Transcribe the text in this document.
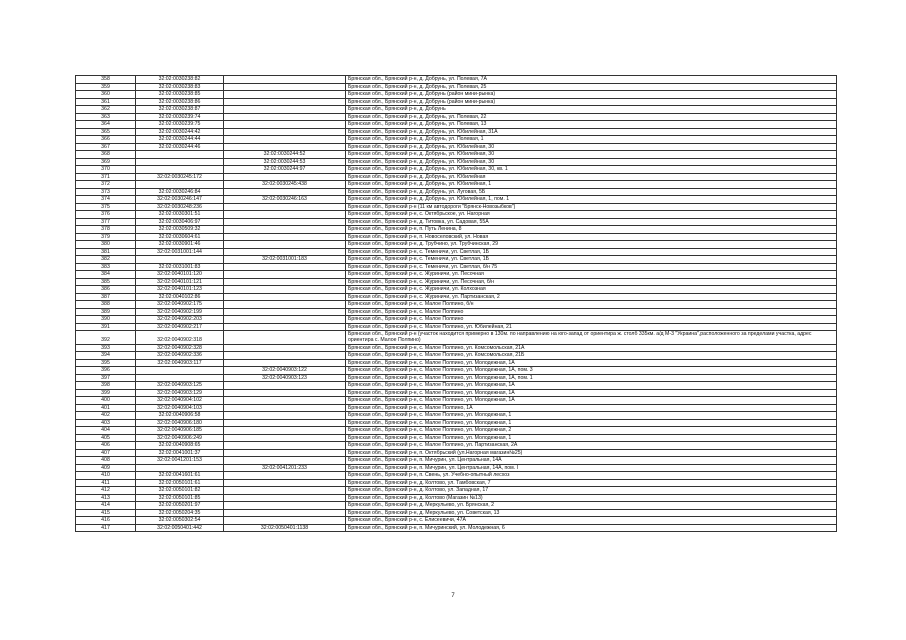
358	32:02:0030238:82		Брянская обл., Брянский р-н, д. Добрунь, ул. Полевая, 7А
359	32:02:0030238:83		Брянская обл., Брянский р-н, д. Добрунь, ул. Полевая, 25
360	32:02:0030238:85		Брянская обл., Брянский р-н, д. Добрунь (район мини-рынка)
361	32:02:0030238:86		Брянская обл., Брянский р-н, д. Добрунь (район мини-рынка)
362	32:02:0030238:87		Брянская обл., Брянский р-н, д. Добрунь
363	32:02:0030239:74		Брянская обл., Брянский р-н, д. Добрунь, ул. Полевая, 22
364	32:02:0030239:75		Брянская обл., Брянский р-н, д. Добрунь, ул. Полевая, 13
365	32:02:0030244:42		Брянская обл., Брянский р-н, д. Добрунь, ул. Юбилейная, 31А
366	32:02:0030244:44		Брянская обл., Брянский р-н, д. Добрунь, ул. Полевая, 1
367	32:02:0030244:46		Брянская обл., Брянский р-н, д. Добрунь, ул. Юбилейная, 30
368		32:02:0030244:52	Брянская обл., Брянский р-н, д. Добрунь, ул. Юбилейная, 30
369		32:02:0030244:53	Брянская обл., Брянский р-н, д. Добрунь, ул. Юбилейная, 30
370		32:02:0030244:97	Брянская обл., Брянский р-н, д. Добрунь, ул. Юбилейная, 30, кв. 1
371	32:02:0030245:172		Брянская обл., Брянский р-н, д. Добрунь, ул. Юбилейная
372		32:02:0030245:438	Брянская обл., Брянский р-н, д. Добрунь, ул. Юбилейная, 1
373	32:02:0030246:84		Брянская обл., Брянский р-н, д. Добрунь, ул. Луговая, 5Б
374	32:02:0030246:147	32:02:0030246:163	Брянская обл., Брянский р-н, д. Добрунь, ул. Юбилейная, 1, пом. 1
375	32:02:0030248:236		Брянская обл., Брянский р-н (11 км автодороги "Брянск-Новозыбков")
376	32:02:0030301:51		Брянская обл., Брянский р-н, с. Октябрьское, ул. Нагорная
377	32:02:0030406:97		Брянская обл., Брянский р-н, д. Титовка, ул. Садовая, 55А
378	32:02:0030509:32		Брянская обл., Брянский р-н, п. Путь Ленина, 8
379	32:02:0030604:61		Брянская обл., Брянский р-н, п. Новоселовский, ул. Новая
380	32:02:0030901:46		Брянская обл., Брянский р-н, д. Трубчино, ул. Трубчинская, 29
381	32:02:0031001:144		Брянская обл., Брянский р-н, с. Теменичи, ул. Светлая, 1Б
382		32:02:0031001:183	Брянская обл., Брянский р-н, с. Теменичи, ул. Светлая, 1Б
383	32:02:0031001:83		Брянская обл., Брянский р-н, с. Теменичи, ул. Светлая, б/н 75
384	32:02:0040101:120		Брянская обл., Брянский р-н, с. Журиничи, ул. Песочная
385	32:02:0040101:121		Брянская обл., Брянский р-н, с. Журиничи, ул. Песочная, б/н
386	32:02:0040101:123		Брянская обл., Брянский р-н, с. Журиничи, ул. Колхозная
387	32:02:0040102:86		Брянская обл., Брянский р-н, с. Журиничи, ул. Партизанская, 2
388	32:02:0040902:175		Брянская обл., Брянский р-н, с. Малое Полпино, б/н
389	32:02:0040902:199		Брянская обл., Брянский р-н, с. Малое Полпино
390	32:02:0040902:203		Брянская обл., Брянский р-н, с. Малое Полпино
391	32:02:0040902:217		Брянская обл., Брянский р-н, с. Малое Полпино, ул. Юбилейная, 21
392	32:02:0040902:318		Брянская обл., Брянский р-н (участок находится примерно в 130м. по направлению на юго-запад от ориентира ж. столб 335км. а/д М-3 "Украина",расположенного за пределами участка, адрес ориентира с. Малое Полпино)
393	32:02:0040902:328		Брянская обл., Брянский р-н, с. Малое Полпино, ул. Комсомольская, 21А
394	32:02:0040902:336		Брянская обл., Брянский р-н, с. Малое Полпино, ул. Комсомольская, 21Б
395	32:02:0040903:117		Брянская обл., Брянский р-н, с. Малое Полпино, ул. Молодежная, 1А
396		32:02:0040903:122	Брянская обл., Брянский р-н, с. Малое Полпино, ул. Молодежная, 1А, пом. 3
397		32:02:0040903:123	Брянская обл., Брянский р-н, с. Малое Полпино, ул. Молодежная, 1А, пом. 1
398	32:02:0040903:125		Брянская обл., Брянский р-н, с. Малое Полпино, ул. Молодежная, 1А
399	32:02:0040903:129		Брянская обл., Брянский р-н, с. Малое Полпино, ул. Молодежная, 1А
400	32:02:0040904:102		Брянская обл., Брянский р-н, с. Малое Полпино, ул. Молодежная, 1А
401	32:02:0040904:103		Брянская обл., Брянский р-н, с. Малое Полпино, 1А
402	32:02:0040906:58		Брянская обл., Брянский р-н, с. Малое Полпино, ул. Молодежная, 1
403	32:02:0040906:180		Брянская обл., Брянский р-н, с. Малое Полпино, ул. Молодежная, 1
404	32:02:0040906:185		Брянская обл., Брянский р-н, с. Малое Полпино, ул. Молодежная, 2
405	32:02:0040906:249		Брянская обл., Брянский р-н, с. Малое Полпино, ул. Молодежная, 1
406	32:02:0040908:65		Брянская обл., Брянский р-н, с. Малое Полпино, ул. Партизанская, 2А
407	32:02:0041001:37		Брянская обл., Брянский р-н, п. Октябрьский (ул.Нагорная магазин№25)
408	32:02:0041201:153		Брянская обл., Брянский р-н, п. Мичурин, ул. Центральная, 14А
409		32:02:0041201:233	Брянская обл., Брянский р-н, п. Мичурин, ул. Центральная, 14А, пом. I
410	32:02:0041601:61		Брянская обл., Брянский р-н, п. Свень, ул. Учебно-опытный лесхоз
411	32:02:0050101:61		Брянская обл., Брянский р-н, д. Колтово, ул. Тамбовская, 7
412	32:02:0050101:82		Брянская обл., Брянский р-н, д. Колтово, ул. Западная, 17
413	32:02:0050101:85		Брянская обл., Брянский р-н, д. Колтово (Магазин №13)
414	32:02:0050201:97		Брянская обл., Брянский р-н, д. Меркульево, ул. Брянская, 2
415	32:02:0050204:35		Брянская обл., Брянский р-н, д. Меркульево, ул. Советская, 13
416	32:02:0050302:54		Брянская обл., Брянский р-н, с. Елисеевичи, 47А
417	32:02:0050401:442	32:02:0050401:1138	Брянская обл., Брянский р-н, п. Мичуринский, ул. Молодежная, 6
7
